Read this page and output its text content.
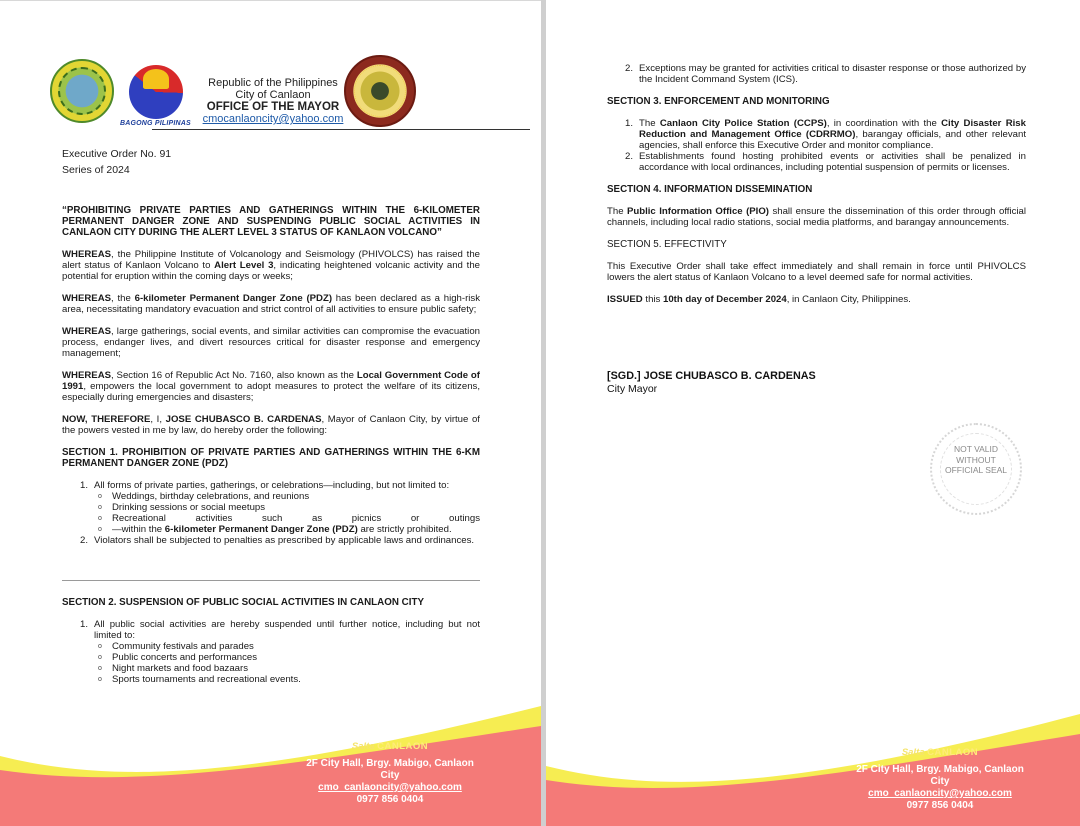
BAGONG PILIPINAS
Republic of the Philippines
City of Canlaon
OFFICE OF THE MAYOR
cmocanlaoncity@yahoo.com
Executive Order No. 91
Series of 2024
“PROHIBITING PRIVATE PARTIES AND GATHERINGS WITHIN THE 6-KILOMETER PERMANENT DANGER ZONE AND SUSPENDING PUBLIC SOCIAL ACTIVITIES IN CANLAON CITY DURING THE ALERT LEVEL 3 STATUS OF KANLAON VOLCANO”
WHEREAS, the Philippine Institute of Volcanology and Seismology (PHIVOLCS) has raised the alert status of Kanlaon Volcano to Alert Level 3, indicating heightened volcanic activity and the potential for eruption within the coming days or weeks;
WHEREAS, the 6-kilometer Permanent Danger Zone (PDZ) has been declared as a high-risk area, necessitating mandatory evacuation and strict control of all activities to ensure public safety;
WHEREAS, large gatherings, social events, and similar activities can compromise the evacuation process, endanger lives, and divert resources critical for disaster response and emergency management;
WHEREAS, Section 16 of Republic Act No. 7160, also known as the Local Government Code of 1991, empowers the local government to adopt measures to protect the welfare of its citizens, especially during emergencies and disasters;
NOW, THEREFORE, I, JOSE CHUBASCO B. CARDENAS, Mayor of Canlaon City, by virtue of the powers vested in me by law, do hereby order the following:
SECTION 1. PROHIBITION OF PRIVATE PARTIES AND GATHERINGS WITHIN THE 6-KM PERMANENT DANGER ZONE (PDZ)
1. All forms of private parties, gatherings, or celebrations—including, but not limited to:
o Weddings, birthday celebrations, and reunions
o Drinking sessions or social meetups
o Recreational activities such as picnics or outings
o —within the 6-kilometer Permanent Danger Zone (PDZ) are strictly prohibited.
2. Violators shall be subjected to penalties as prescribed by applicable laws and ordinances.
SECTION 2. SUSPENSION OF PUBLIC SOCIAL ACTIVITIES IN CANLAON CITY
1. All public social activities are hereby suspended until further notice, including but not limited to:
o Community festivals and parades
o Public concerts and performances
o Night markets and food bazaars
o Sports tournaments and recreational events.

Salta CANLAON

2F City Hall, Brgy. Mabigo, Canlaon City
cmo_canlaoncity@yahoo.com
0977 856 0404
2. Exceptions may be granted for activities critical to disaster response or those authorized by the Incident Command System (ICS).
SECTION 3. ENFORCEMENT AND MONITORING
1. The Canlaon City Police Station (CCPS), in coordination with the City Disaster Risk Reduction and Management Office (CDRRMO), barangay officials, and other relevant agencies, shall enforce this Executive Order and monitor compliance.
2. Establishments found hosting prohibited events or activities shall be penalized in accordance with local ordinances, including potential suspension of permits or licenses.
SECTION 4. INFORMATION DISSEMINATION
The Public Information Office (PIO) shall ensure the dissemination of this order through official channels, including local radio stations, social media platforms, and barangay announcements.
SECTION 5. EFFECTIVITY
This Executive Order shall take effect immediately and shall remain in force until PHIVOLCS lowers the alert status of Kanlaon Volcano to a level deemed safe for normal activities.
ISSUED this 10th day of December 2024, in Canlaon City, Philippines.

Salta CANLAON

2F City Hall, Brgy. Mabigo, Canlaon City
cmo_canlaoncity@yahoo.com
0977 856 0404
[SGD.] JOSE CHUBASCO B. CARDENAS
City Mayor
NOT VALID
WITHOUT
OFFICIAL SEAL
